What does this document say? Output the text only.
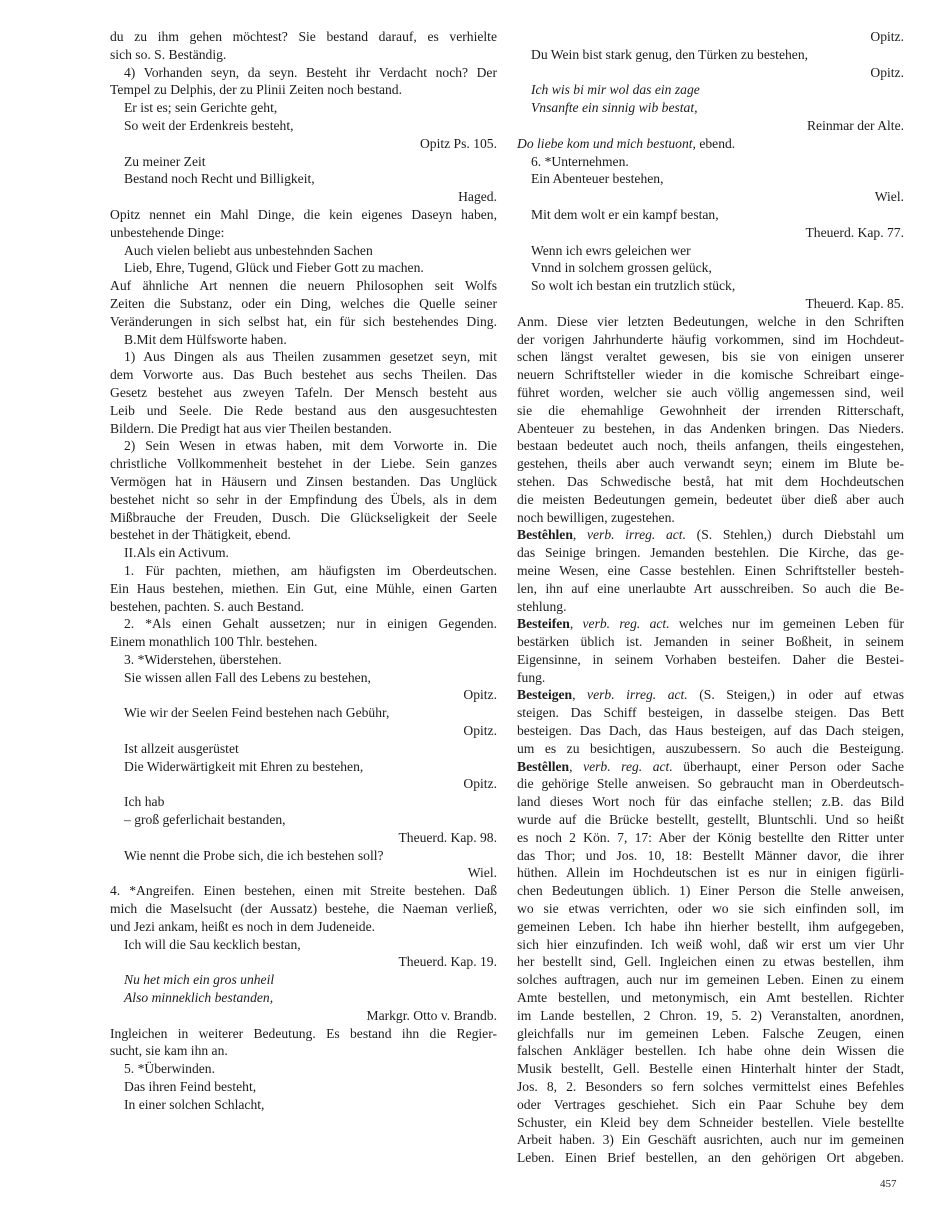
du zu ihm gehen möchtest? Sie bestand darauf, es verhielte
sich so. S. Beständig.
4) Vorhanden seyn, da seyn. Besteht ihr Verdacht noch? Der
Tempel zu Delphis, der zu Plinii Zeiten noch bestand.
Er ist es; sein Gerichte geht,
So weit der Erdenkreis besteht,
Opitz Ps. 105.
Zu meiner Zeit
Bestand noch Recht und Billigkeit,
Haged.
Opitz nennet ein Mahl Dinge, die kein eigenes Daseyn haben,
unbestehende Dinge:
Auch vielen beliebt aus unbestehnden Sachen
Lieb, Ehre, Tugend, Glück und Fieber Gott zu machen.
Auf ähnliche Art nennen die neuern Philosophen seit Wolfs
Zeiten die Substanz, oder ein Ding, welches die Quelle seiner
Veränderungen in sich selbst hat, ein für sich bestehendes Ding.
B.Mit dem Hülfsworte haben.
1) Aus Dingen als aus Theilen zusammen gesetzet seyn, mit
dem Vorworte aus. Das Buch bestehet aus sechs Theilen. Das
Gesetz bestehet aus zweyen Tafeln. Der Mensch besteht aus
Leib und Seele. Die Rede bestand aus den ausgesuchtesten
Bildern. Die Predigt hat aus vier Theilen bestanden.
2) Sein Wesen in etwas haben, mit dem Vorworte in. Die
christliche Vollkommenheit bestehet in der Liebe. Sein ganzes
Vermögen hat in Häusern und Zinsen bestanden. Das Unglück
bestehet nicht so sehr in der Empfindung des Übels, als in dem
Mißbrauche der Freuden, Dusch. Die Glückseligkeit der Seele
bestehet in der Thätigkeit, ebend.
II.Als ein Activum.
1. Für pachten, miethen, am häufigsten im Oberdeutschen.
Ein Haus bestehen, miethen. Ein Gut, eine Mühle, einen Garten
bestehen, pachten. S. auch Bestand.
2. *Als einen Gehalt aussetzen; nur in einigen Gegenden.
Einem monathlich 100 Thlr. bestehen.
3. *Widerstehen, überstehen.
Sie wissen allen Fall des Lebens zu bestehen,
Opitz.
Wie wir der Seelen Feind bestehen nach Gebühr,
Opitz.
Ist allzeit ausgerüstet
Die Widerwärtigkeit mit Ehren zu bestehen,
Opitz.
Ich hab
– groß geferlichait bestanden,
Theuerd. Kap. 98.
Wie nennt die Probe sich, die ich bestehen soll?
Wiel.
4. *Angreifen. Einen bestehen, einen mit Streite bestehen. Daß
mich die Maselsucht (der Aussatz) bestehe, die Naeman verließ,
und Jezi ankam, heißt es noch in dem Judeneide.
Ich will die Sau kecklich bestan,
Theuerd. Kap. 19.
Nu het mich ein gros unheil
Also minneklich bestanden,
Markgr. Otto v. Brandb.
Ingleichen in weiterer Bedeutung. Es bestand ihn die Regier-
sucht, sie kam ihn an.
5. *Überwinden.
Das ihren Feind besteht,
In einer solchen Schlacht,
Opitz.
Du Wein bist stark genug, den Türken zu bestehen,
Opitz.
Ich wis bi mir wol das ein zage
Vnsanfte ein sinnig wib bestat,
Reinmar der Alte.
Do liebe kom und mich bestuont, ebend.
6. *Unternehmen.
Ein Abenteuer bestehen,
Wiel.
Mit dem wolt er ein kampf bestan,
Theuerd. Kap. 77.
Wenn ich ewrs geleichen wer
Vnnd in solchem grossen gelück,
So wolt ich bestan ein trutzlich stück,
Theuerd. Kap. 85.
Anm. Diese vier letzten Bedeutungen, welche in den Schriften
der vorigen Jahrhunderte häufig vorkommen, sind im Hochdeut-
schen längst veraltet gewesen, bis sie von einigen unserer
neuern Schriftsteller wieder in die komische Schreibart einge-
führet worden, welcher sie auch völlig angemessen sind, weil
sie die ehemahlige Gewohnheit der irrenden Ritterschaft,
Abenteuer zu bestehen, in das Andenken bringen. Das Nieders.
bestaan bedeutet auch noch, theils anfangen, theils eingestehen,
gestehen, theils aber auch verwandt seyn; einem im Blute be-
stehen. Das Schwedische bestå, hat mit dem Hochdeutschen
die meisten Bedeutungen gemein, bedeutet über dieß aber auch
noch bewilligen, zugestehen.
Bestêhlen, verb. irreg. act. (S. Stehlen,) durch Diebstahl um
das Seinige bringen. Jemanden bestehlen. Die Kirche, das ge-
meine Wesen, eine Casse bestehlen. Einen Schriftsteller besteh-
len, ihn auf eine unerlaubte Art ausschreiben. So auch die Be-
stehlung.
Besteifen, verb. reg. act. welches nur im gemeinen Leben für
bestärken üblich ist. Jemanden in seiner Boßheit, in seinem
Eigensinne, in seinem Vorhaben besteifen. Daher die Bestei-
fung.
Besteigen, verb. irreg. act. (S. Steigen,) in oder auf etwas
steigen. Das Schiff besteigen, in dasselbe steigen. Das Bett
besteigen. Das Dach, das Haus besteigen, auf das Dach steigen,
um es zu besichtigen, auszubessern. So auch die Besteigung.
Bestêllen, verb. reg. act. überhaupt, einer Person oder Sache
die gehörige Stelle anweisen. So gebraucht man in Oberdeutsch-
land dieses Wort noch für das einfache stellen; z.B. das Bild
wurde auf die Brücke bestellt, gestellt, Bluntschli. Und so heißt
es noch 2 Kön. 7, 17: Aber der König bestellte den Ritter unter
das Thor; und Jos. 10, 18: Bestellt Männer davor, die ihrer
hüthen. Allein im Hochdeutschen ist es nur in einigen figürli-
chen Bedeutungen üblich. 1) Einer Person die Stelle anweisen,
wo sie etwas verrichten, oder wo sie sich einfinden soll, im
gemeinen Leben. Ich habe ihn hierher bestellt, ihm aufgegeben,
sich hier einzufinden. Ich weiß wohl, daß wir erst um vier Uhr
her bestellt sind, Gell. Ingleichen einen zu etwas bestellen, ihm
solches auftragen, auch nur im gemeinen Leben. Einen zu einem
Amte bestellen, und metonymisch, ein Amt bestellen. Richter
im Lande bestellen, 2 Chron. 19, 5. 2) Veranstalten, anordnen,
gleichfalls nur im gemeinen Leben. Falsche Zeugen, einen
falschen Ankläger bestellen. Ich habe ohne dein Wissen die
Musik bestellt, Gell. Bestelle einen Hinterhalt hinter der Stadt,
Jos. 8, 2. Besonders so fern solches vermittelst eines Befehles
oder Vertrages geschiehet. Sich ein Paar Schuhe bey dem
Schuster, ein Kleid bey dem Schneider bestellen. Viele bestellte
Arbeit haben. 3) Ein Geschäft ausrichten, auch nur im gemeinen
Leben. Einen Brief bestellen, an den gehörigen Ort abgeben.
457
